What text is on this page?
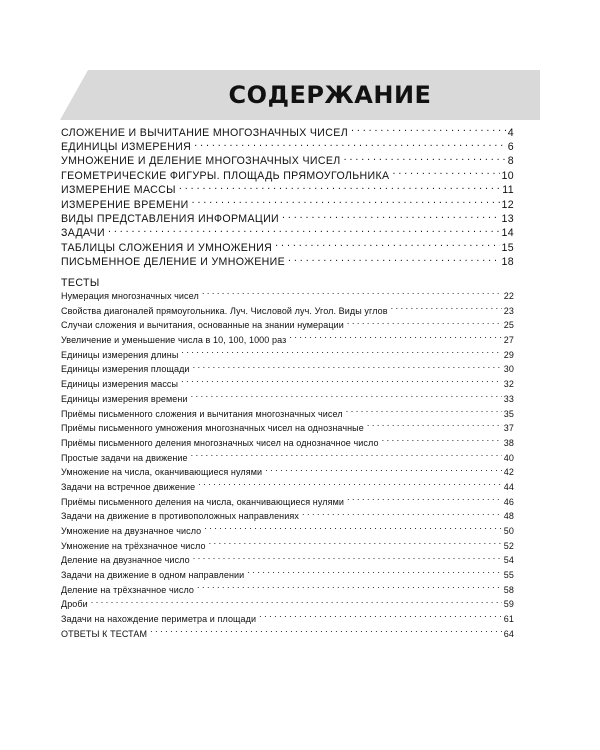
СОДЕРЖАНИЕ
СЛОЖЕНИЕ И ВЫЧИТАНИЕ МНОГОЗНАЧНЫХ ЧИСЕЛ . . .	4
ЕДИНИЦЫ ИЗМЕРЕНИЯ . . .	6
УМНОЖЕНИЕ И ДЕЛЕНИЕ МНОГОЗНАЧНЫХ ЧИСЕЛ . . .	8
ГЕОМЕТРИЧЕСКИЕ ФИГУРЫ. ПЛОЩАДЬ ПРЯМОУГОЛЬНИКА . . .	10
ИЗМЕРЕНИЕ МАССЫ . . .	11
ИЗМЕРЕНИЕ ВРЕМЕНИ . . .	12
ВИДЫ ПРЕДСТАВЛЕНИЯ ИНФОРМАЦИИ . . .	13
ЗАДАЧИ . . .	14
ТАБЛИЦЫ СЛОЖЕНИЯ И УМНОЖЕНИЯ . . .	15
ПИСЬМЕННОЕ ДЕЛЕНИЕ И УМНОЖЕНИЕ . . .	18
ТЕСТЫ
Нумерация многозначных чисел . . .	22
Свойства диагоналей прямоугольника. Луч. Числовой луч. Угол. Виды углов . . .	23
Случаи сложения и вычитания, основанные на знании нумерации . . .	25
Увеличение и уменьшение числа в 10, 100, 1000 раз . . .	27
Единицы измерения длины . . .	29
Единицы измерения площади . . .	30
Единицы измерения массы . . .	32
Единицы измерения времени . . .	33
Приёмы письменного сложения и вычитания многозначных чисел . . .	35
Приёмы письменного умножения многозначных чисел на однозначные . . .	37
Приёмы письменного деления многозначных чисел на однозначное число . . .	38
Простые задачи на движение . . .	40
Умножение на числа, оканчивающиеся нулями . . .	42
Задачи на встречное движение . . .	44
Приёмы письменного деления на числа, оканчивающиеся нулями . . .	46
Задачи на движение в противоположных направлениях . . .	48
Умножение на двузначное число . . .	50
Умножение на трёхзначное число . . .	52
Деление на двузначное число . . .	54
Задачи на движение в одном направлении . . .	55
Деление на трёхзначное число . . .	58
Дроби . . .	59
Задачи на нахождение периметра и площади . . .	61
ОТВЕТЫ К ТЕСТАМ . . .	64
